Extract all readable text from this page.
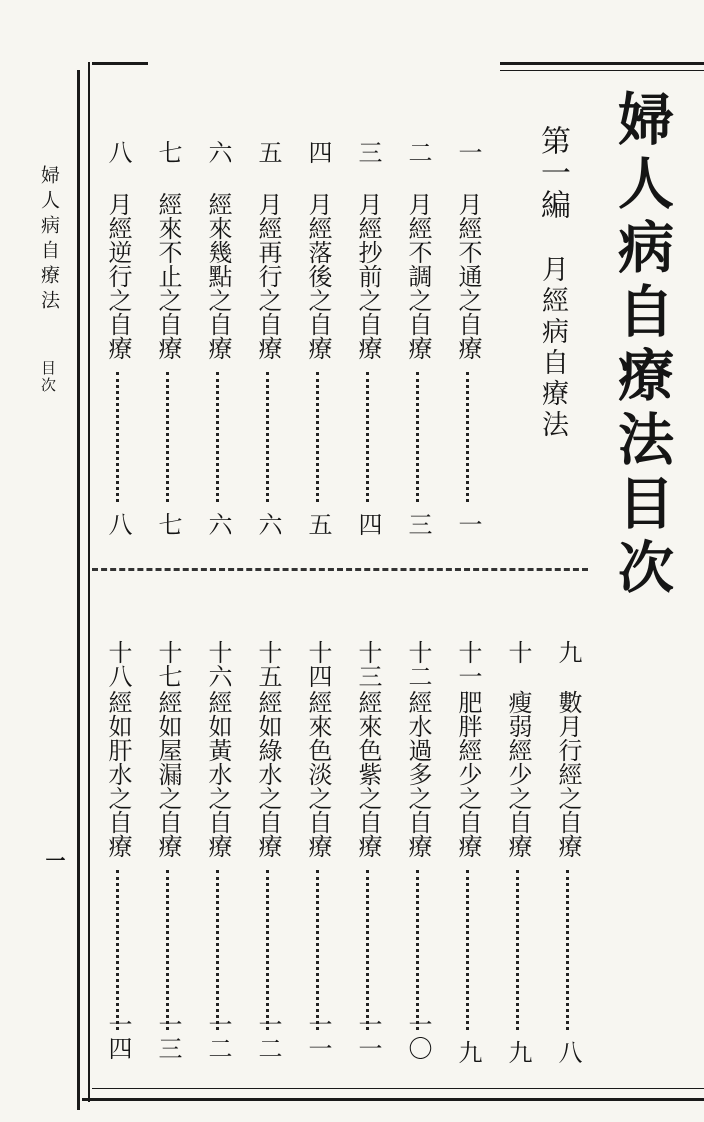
婦人病自療法
目次
一
婦人病自療法目次
第一編
月經病自療法
一
月經不通之自療
一
二
月經不調之自療
三
三
月經抄前之自療
四
四
月經落後之自療
五
五
月經再行之自療
六
六
經來幾點之自療
六
七
經來不止之自療
七
八
月經逆行之自療
八
九
數月行經之自療
八
十
瘦弱經少之自療
九
十一
肥胖經少之自療
九
十二
經水過多之自療
一〇
十三
經來色紫之自療
一一
十四
經來色淡之自療
一一
十五
經如綠水之自療
一二
十六
經如黃水之自療
一二
十七
經如屋漏之自療
一三
十八
經如肝水之自療
一四
